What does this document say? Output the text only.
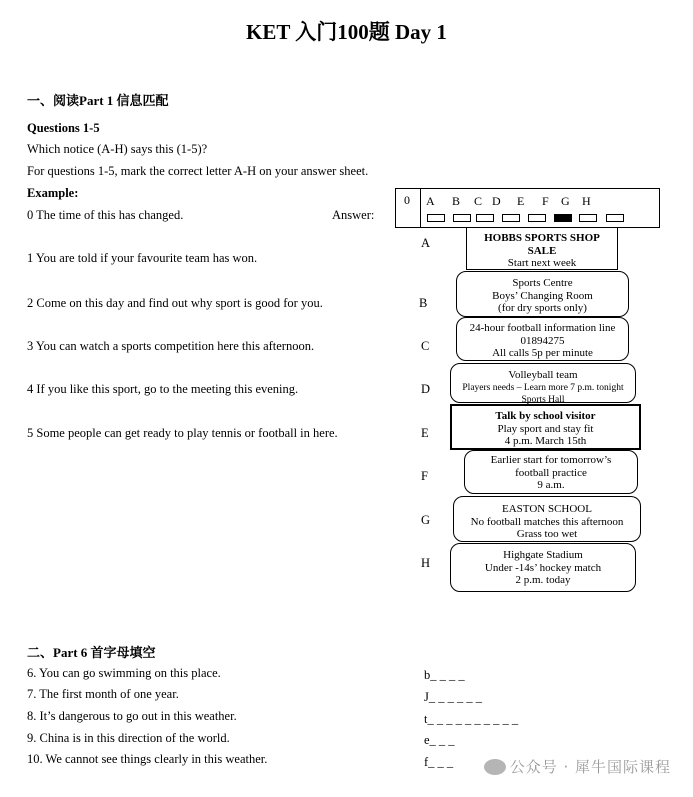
KET 入门100题 Day 1
一、阅读Part 1 信息匹配
Questions 1-5
Which notice (A-H) says this (1-5)?
For questions 1-5, mark the correct letter A-H on your answer sheet.
Example:
0 The time of this has changed.	Answer:
1 You are told if your favourite team has won.
2 Come on this day and find out why sport is good for you.
3 You can watch a sports competition here this afternoon.
4 If you like this sport, go to the meeting this evening.
5 Some people can get ready to play tennis or football in here.
0 A B C D E F G H
A
B
C
D
E
F
G
H
HOBBS SPORTS SHOP
SALE
Start next week
Sports Centre
Boys’ Changing Room
(for dry sports only)
24-hour football information line
01894275
All calls 5p per minute
Volleyball team
Players needs – Learn more 7 p.m. tonight
Sports Hall
Talk by school visitor
Play sport and stay fit
4 p.m. March 15th
Earlier start for tomorrow’s
football practice
9 a.m.
EASTON SCHOOL
No football matches this afternoon
Grass too wet
Highgate Stadium
Under -14s’ hockey match
2 p.m. today
二、Part 6 首字母填空
6. You can go swimming on this place.
7. The first month of one year.
8. It’s dangerous to go out in this weather.
9. China is in this direction of the world.
10. We cannot see things clearly in this weather.
b_ _ _ _
J_ _ _ _ _ _
t_ _ _ _ _ _ _ _ _ _
e_ _ _
f_ _ _	公众号 · 犀牛国际课程
